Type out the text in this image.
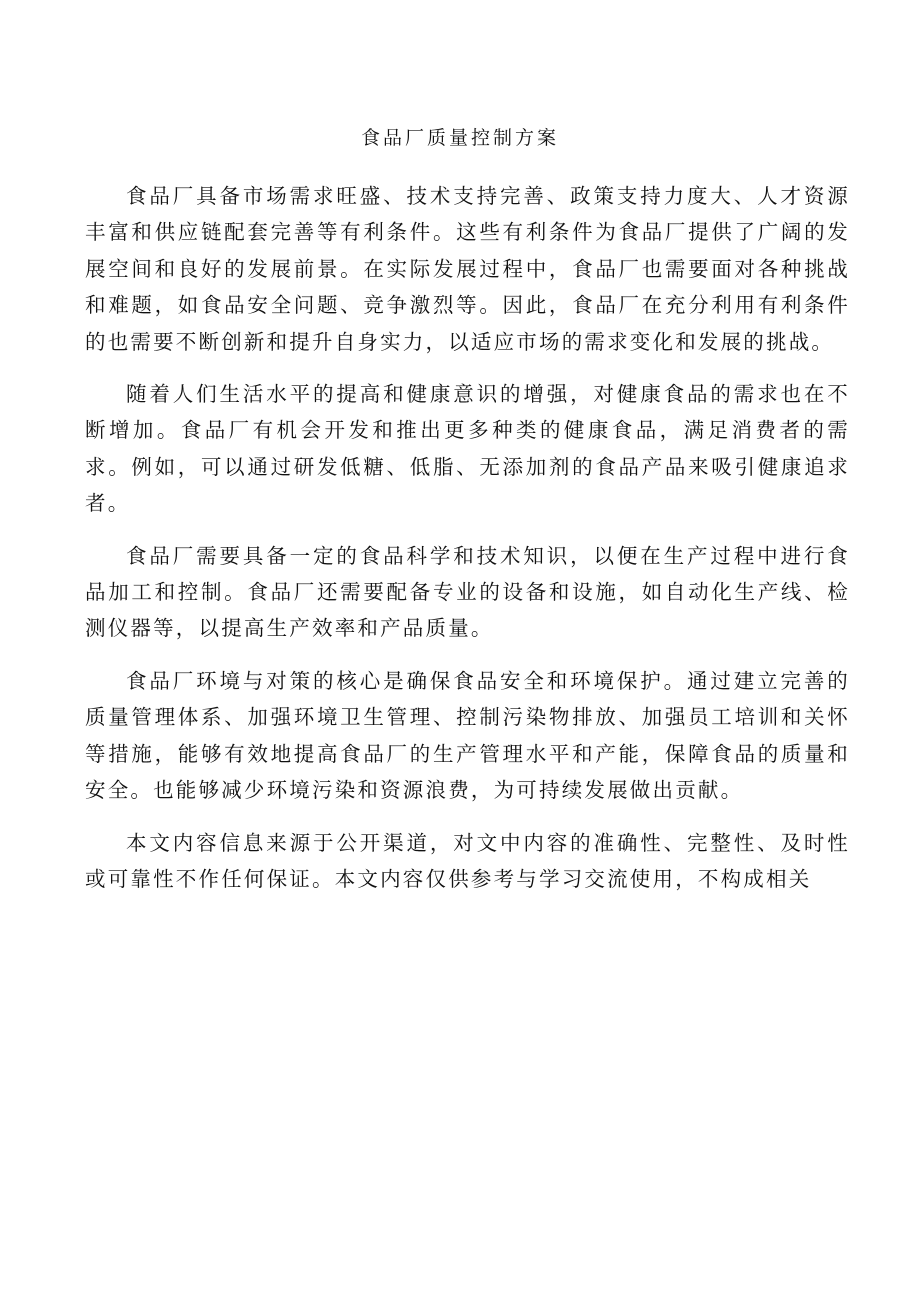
食品厂质量控制方案

食品厂具备市场需求旺盛、技术支持完善、政策支持力度大、人才资源丰富和供应链配套完善等有利条件。这些有利条件为食品厂提供了广阔的发展空间和良好的发展前景。在实际发展过程中，食品厂也需要面对各种挑战和难题，如食品安全问题、竞争激烈等。因此，食品厂在充分利用有利条件的也需要不断创新和提升自身实力，以适应市场的需求变化和发展的挑战。

随着人们生活水平的提高和健康意识的增强，对健康食品的需求也在不断增加。食品厂有机会开发和推出更多种类的健康食品，满足消费者的需求。例如，可以通过研发低糖、低脂、无添加剂的食品产品来吸引健康追求者。

食品厂需要具备一定的食品科学和技术知识，以便在生产过程中进行食品加工和控制。食品厂还需要配备专业的设备和设施，如自动化生产线、检测仪器等，以提高生产效率和产品质量。

食品厂环境与对策的核心是确保食品安全和环境保护。通过建立完善的质量管理体系、加强环境卫生管理、控制污染物排放、加强员工培训和关怀等措施，能够有效地提高食品厂的生产管理水平和产能，保障食品的质量和安全。也能够减少环境污染和资源浪费，为可持续发展做出贡献。

本文内容信息来源于公开渠道，对文中内容的准确性、完整性、及时性或可靠性不作任何保证。本文内容仅供参考与学习交流使用，不构成相关
